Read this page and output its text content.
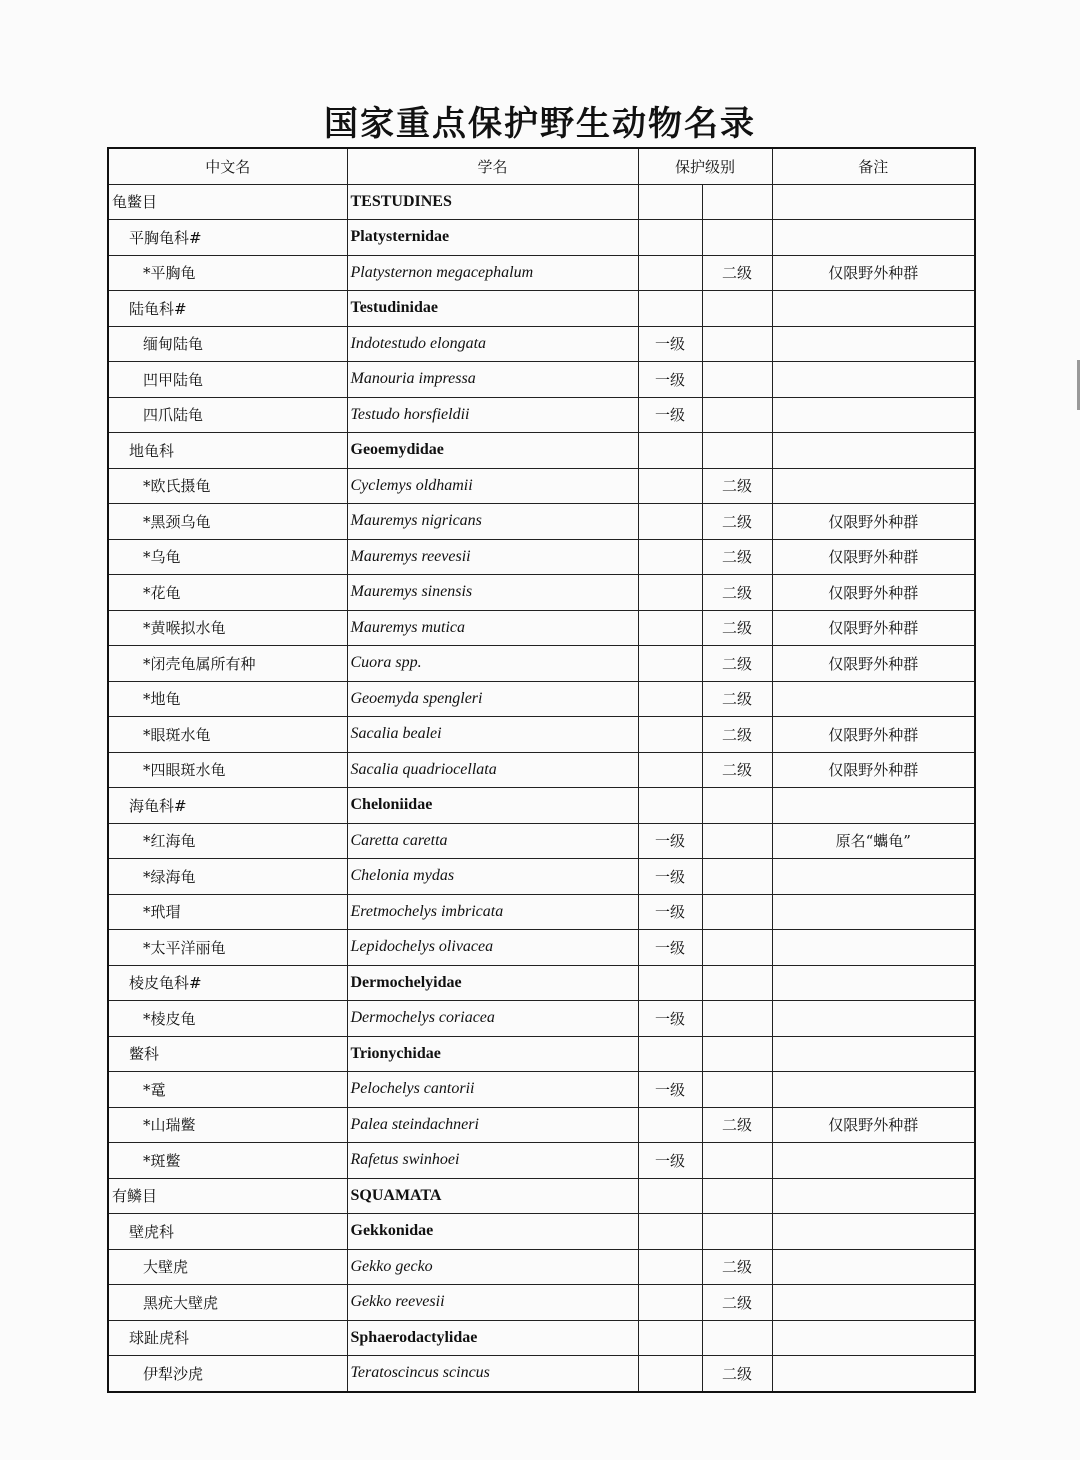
国家重点保护野生动物名录
中文名	学名	保护级别		备注
龟鳖目	TESTUDINES			
平胸龟科#	Platysternidae			
*平胸龟	Platysternon megacephalum		二级	仅限野外种群
陆龟科#	Testudinidae			
缅甸陆龟	Indotestudo elongata	一级		
凹甲陆龟	Manouria impressa	一级		
四爪陆龟	Testudo horsfieldii	一级		
地龟科	Geoemydidae			
*欧氏摄龟	Cyclemys oldhamii		二级	
*黑颈乌龟	Mauremys nigricans		二级	仅限野外种群
*乌龟	Mauremys reevesii		二级	仅限野外种群
*花龟	Mauremys sinensis		二级	仅限野外种群
*黄喉拟水龟	Mauremys mutica		二级	仅限野外种群
*闭壳龟属所有种	Cuora spp.		二级	仅限野外种群
*地龟	Geoemyda spengleri		二级	
*眼斑水龟	Sacalia bealei		二级	仅限野外种群
*四眼斑水龟	Sacalia quadriocellata		二级	仅限野外种群
海龟科#	Cheloniidae			
*红海龟	Caretta caretta	一级		原名“蠵龟”
*绿海龟	Chelonia mydas	一级		
*玳瑁	Eretmochelys imbricata	一级		
*太平洋丽龟	Lepidochelys olivacea	一级		
棱皮龟科#	Dermochelyidae			
*棱皮龟	Dermochelys coriacea	一级		
鳖科	Trionychidae			
*鼋	Pelochelys cantorii	一级		
*山瑞鳖	Palea steindachneri		二级	仅限野外种群
*斑鳖	Rafetus swinhoei	一级		
有鳞目	SQUAMATA			
壁虎科	Gekkonidae			
大壁虎	Gekko gecko		二级	
黑疣大壁虎	Gekko reevesii		二级	
球趾虎科	Sphaerodactylidae			
伊犁沙虎	Teratoscincus scincus		二级	
